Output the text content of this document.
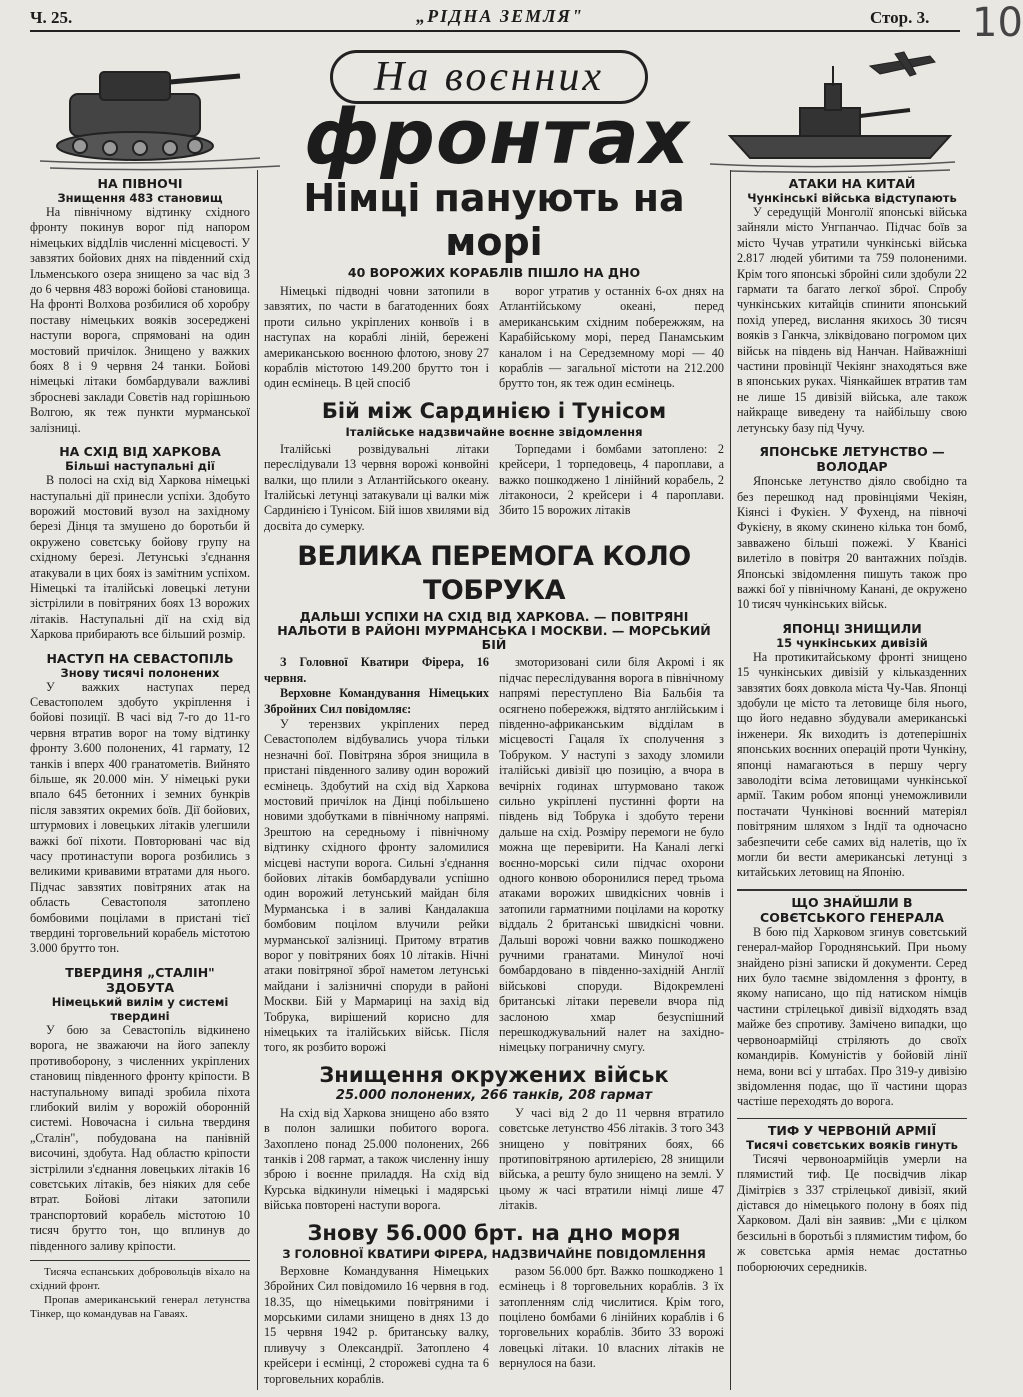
Ч. 25.	„РІДНА ЗЕМЛЯ"	Стор. 3. 10
На воєнних
фронтах
НА ПІВНОЧІ
Знищення 483 становищ

На північному відтинку східного фронту покинув ворог під напором німецьких віддІлів численні місцевості. У завзятих бойових днях на південний схід Ільменського озера знищено за час від 3 до 6 червня 483 ворожі бойові становища. На фронті Волхова розбилися об хоробру поставу німецьких вояків зосереджені наступи ворога, спрямовані на один мостовий причілок. Знищено у важких боях 8 і 9 червня 24 танки. Бойові німецькі літаки бомбардували важливі збросневі заклади Совєтів над горішньою Волгою, як теж пункти мурманської залізниці.

НА СХІД ВІД ХАРКОВА
Більші наступальні дії

В полосі на схід від Харкова німецькі наступальні дії принесли успіхи. Здобуто ворожий мостовий вузол на західному березі Дінця та змушено до боротьби й окружено совєтську бойову групу на східному березі. Летунські з'єднання атакували в цих боях із замітним успіхом. Німецькі та італійські ловецькі летуни зістрілили в повітряних боях 13 ворожих літаків. Наступальні дії на схід від Харкова прибирають все більший розмір.

НАСТУП НА СЕВАСТОПІЛЬ
Знову тисячі полонених

У важких наступах перед Севастополем здобуто укріплення і бойові позиції. В часі від 7-го до 11-го червня втратив ворог на тому відтинку фронту 3.600 полонених, 41 гармату, 12 танків і вперх 400 гранатометів. Вийнято більше, як 20.000 мін. У німецькі руки впало 645 бетонних і земних бункрів після завзятих окремих боїв. Дії бойових, штурмових і ловецьких літаків улегшили важкі бої піхоти. Повторювані час від часу протинаступи ворога розбились з великими кривавими втратами для нього. Підчас завзятих повітряних атак на область Севастополя затоплено бомбовими поцілами в пристані тієї твердині торговельний корабель містотою 3.000 брутто тон.

ТВЕРДИНЯ „СТАЛІН" ЗДОБУТА
Німецький вилім у системі твердині

У бою за Севастопіль відкинено ворога, не зважаючи на його запеклу противоборону, з численних укріплених становищ південного фронту кріпости. В наступальному випаді зробила піхота глибокий вилім у ворожій оборонній системі. Новочасна і сильна твердиня „Сталін", побудована на панівній височині, здобута. Над областю кріпости зістрілили з'єднання ловецьких літаків 16 совєтських літаків, без ніяких для себе втрат. Бойові літаки затопили транспортовий корабель містотою 10 тисяч брутто тон, що вплинув до південного заливу кріпости.

Тисяча еспанських добровольців віхало на східний фронт.

Пропав американський генерал летунства Тінкер, що командував на Гаваях.

Німці панують на морі
40 ВОРОЖИХ КОРАБЛІВ ПІШЛО НА ДНО

Німецькі підводні човни затопили в завзятих, по части в багатоденних боях проти сильно укріплених конвоїв і в наступах на кораблі ліній, бережені американською воєнною флотою, знову 27 кораблів містотою 149.200 брутто тон і один есмінець. В цей спосіб

ворог утратив у останніх 6-ох днях на Атлантійському океані, перед американським східним побережжям, на Карабійському морі, перед Панамським каналом і на Середземному морі — 40 кораблів — загальної містоти на 212.200 брутто тон, як теж один есмінець.

Бій між Сардинією і Тунісом
Італійське надзвичайне воєнне звідомлення

Італійські розвідувальні літаки переслідували 13 червня ворожі конвойні валки, що плили з Атлантійського океану. Італійські летунці затакували ці валки між Сардинією і Тунісом. Бій ішов хвилями від досвіта до сумерку.

Торпедами і бомбами затоплено: 2 крейсери, 1 торпедовець, 4 пароплави, а важко пошкоджено 1 лінійний корабель, 2 літаконоси, 2 крейсери і 4 пароплави. Збито 15 ворожих літаків

ВЕЛИКА ПЕРЕМОГА КОЛО ТОБРУКА
ДАЛЬШІ УСПІХИ НА СХІД ВІД ХАРКОВА. — ПОВІТРЯНІ НАЛЬОТИ В РАЙОНІ МУРМАНСЬКА І МОСКВИ. — МОРСЬКИЙ БІЙ

З Головної Кватири Фірера, 16 червня.

Верховне Командування Німецьких Збройних Сил повідомляє:

У терензвих укріплених перед Севастополем відбувались учора тільки незначні бої. Повітряна зброя знищила в пристані південного заливу один ворожий есмінець. Здобутий на схід від Харкова мостовий причілок на Дінці побільшено новими здобутками в північному напрямі. Зрештою на середньому і північному відтинку східного фронту заломилися місцеві наступи ворога. Сильні з'єднання бойових літаків бомбардували успішно один ворожий летунський майдан біля Мурманська і в заливі Кандалакша бомбовим поцілом влучили рейки мурманської залізниці. Притому втратив ворог у повітряних боях 10 літаків. Нічні атаки повітряної зброї наметом летунські майдани і залізничні споруди в районі Москви. Бій у Мармариці на захід від Тобрука, вирішений корисно для німецьких та італійських військ. Після того, як розбито ворожі

змоторизовані сили біля Акромі і як підчас переслідування ворога в північному напрямі переступлено Віа Бальбія та осягнено побережжя, відтято англійським і південно-африканським відділам в місцевості Гацаля їх сполучення з Тобруком. У наступі з заходу зломили італійські дивізії цю позицію, а вчора в вечірніх годинах штурмовано також сильно укріплені пустинні форти на південь від Тобрука і здобуто терени дальше на схід. Розміру перемоги не було можна ще перевірити. На Каналі легкі воєнно-морські сили підчас охорони одного конвою оборонилися перед трьома атаками ворожих швидкісних човнів і затопили гарматними поцілами на коротку віддаль 2 британські швидкісні човни. Дальші ворожі човни важко пошкоджено ручними гранатами. Минулої ночі бомбардовано в південно-західній Англії військові споруди. Відокремлені британські літаки перевели вчора під заслоною хмар безуспішний перешкоджувальний налет на західно-німецьку пограничну смугу.

Знищення окружених військ
25.000 полонених, 266 танків, 208 гармат

На схід від Харкова знищено або взято в полон залишки побитого ворога. Захоплено понад 25.000 полонених, 266 танків і 208 гармат, а також численну іншу зброю і воєнне приладдя. На схід від Курська відкинули німецькі і мадярські війська повторені наступи ворога.

У часі від 2 до 11 червня втратило совєтське летунство 456 літаків. З того 343 знищено у повітряних боях, 66 протиповітряною артилерією, 28 знищили війська, а решту було знищено на землі. У цьому ж часі втратили німці лише 47 літаків.

Знову 56.000 брт. на дно моря
З ГОЛОВНОЇ КВАТИРИ ФІРЕРА, НАДЗВИЧАЙНЕ ПОВІДОМЛЕННЯ

Верховне Командування Німецьких Збройних Сил повідомило 16 червня в год. 18.35, що німецькими повітряними і морськими силами знищено в днях 13 до 15 червня 1942 р. британську валку, пливучу з Олександрії. Затоплено 4 крейсери і есмінці, 2 сторожеві судна та 6 торговельних кораблів.

разом 56.000 брт. Важко пошкоджено 1 есмінець і 8 торговельних кораблів. З їх затопленням слід числитися. Крім того, поцілено бомбами 6 лінійних кораблів і 6 торговельних кораблів. Збито 33 ворожі ловецькі літаки. 10 власних літаків не вернулося на бази.

АТАКИ НА КИТАЙ
Чункінські війська відступають

У середущій Монголії японські війська зайняли місто Унгпанчао. Підчас боїв за місто Чучав утратили чункінські війська 2.817 людей убитими та 759 полоненими. Крім того японські збройні сили здобули 22 гармати та багато легкої зброї. Спробу чункінських китайців спинити японський похід уперед, вислання якихось 30 тисяч вояків з Ганкча, зліквідовано погромом цих військ на південь від Нанчан. Найважніші частини провінції Чекіянг знаходяться вже в японських руках. Чіянкайшек втратив там не лише 15 дивізій війська, але також найкраще виведену та найбільшу свою летунську базу під Чучу.

ЯПОНСЬКЕ ЛЕТУНСТВО — ВОЛОДАР

Японське летунство діяло свобідно та без перешкод над провінціями Чекіян, Кіянсі і Фукієн. У Фухенд, на півночі Фукієну, в якому скинено кілька тон бомб, завважено більші пожежі. У Кванісі вилетіло в повітря 20 вантажних поїздів. Японські звідомлення пишуть також про важкі бої у північному Канані, де окружено 10 тисяч чункінських військ.

ЯПОНЦІ ЗНИЩИЛИ
15 чункінських дивізій

На протикитайському фронті знищено 15 чункінських дивізій у кільказденних завзятих боях довкола міста Чу-Чав. Японці здобули це місто та летовище біля нього, що його недавно збудували американські інженери. Як виходить із дотеперішніх японських воєнних операцій проти Чункіну, японці намагаються в першу чергу заволодіти всіма летовищами чункінської армії. Таким робом японці унеможливили постачати Чункінові воєнний матеріял повітряним шляхом з Індії та одночасно забезпечити себе самих від налетів, що їх могли би вести американські летунці з китайських летовищ на Японію.

ЩО ЗНАЙШЛИ В СОВЄТСЬКОГО ГЕНЕРАЛА

В бою під Харковом згинув совєтський генерал-майор Городнянський. При ньому знайдено різні записки й документи. Серед них було таємне звідомлення з фронту, в якому написано, що під натиском німців частини стрілецької дивізії відходять взад майже без спротиву. Замічено випадки, що червоноармійці стріляють до своїх командирів. Комуністів у бойовій лінії нема, вони всі у штабах. Про 319-у дивізію звідомлення подає, що її частини щораз частіше переходять до ворога.

ТИФ У ЧЕРВОНІЙ АРМІЇ
Тисячі совєтських вояків гинуть

Тисячі червоноармійців умерли на плямистий тиф. Це посвідчив лікар Дімітрієв з 337 стрілецької дивізії, який дістався до німецького полону в боях під Харковом. Далі він заявив: „Ми є цілком безсильні в боротьбі з плямистим тифом, бо ж совєтська армія немає достатньо поборюючих середників.
